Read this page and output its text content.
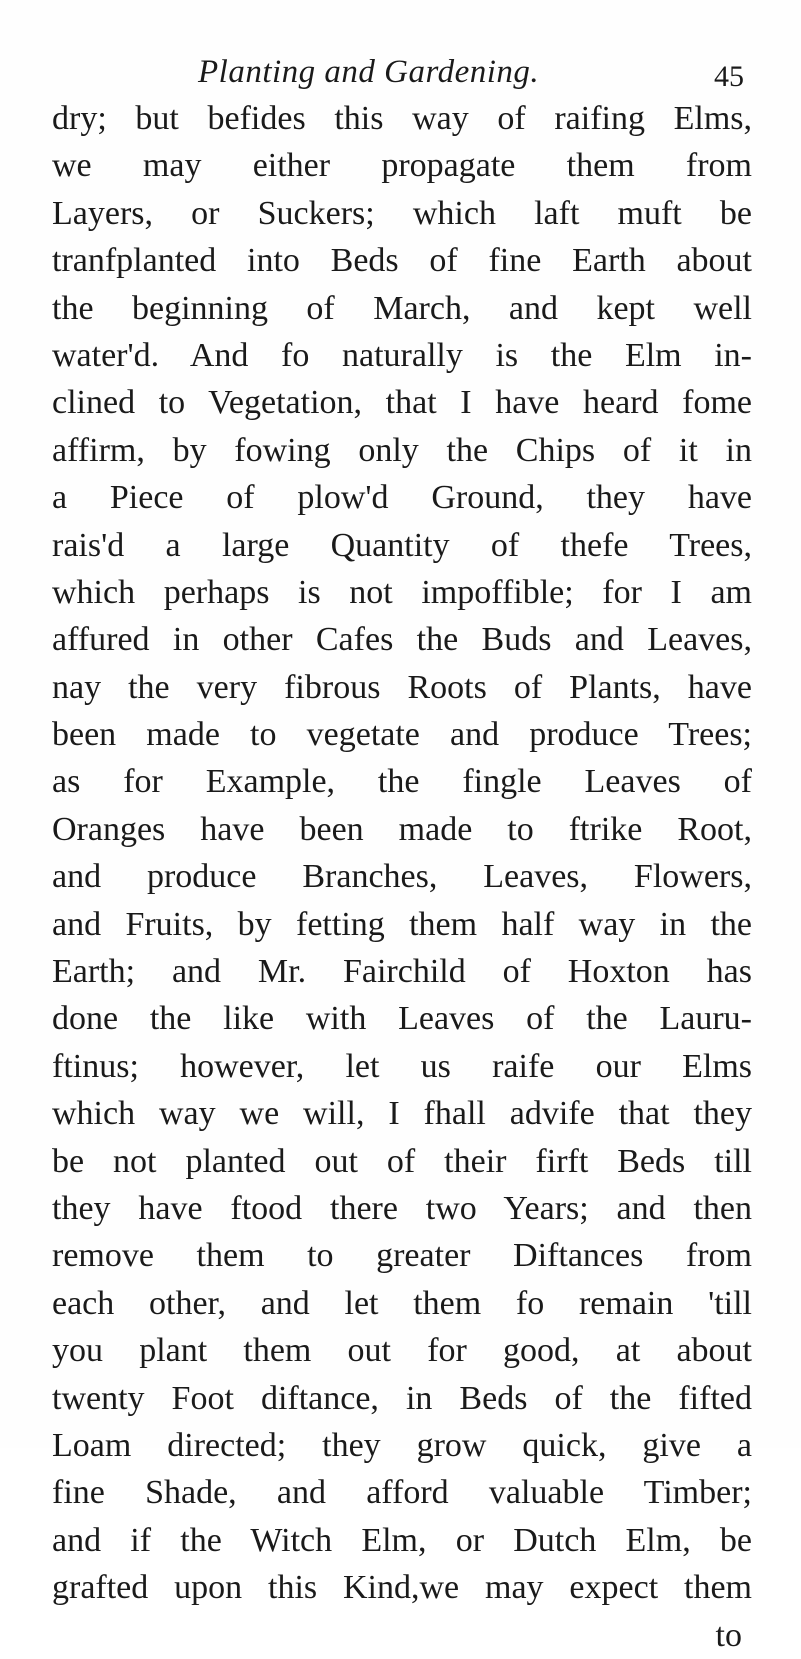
Planting and Gardening.	45
dry; but befides this way of raifing Elms,
we may either propagate them from
Layers, or Suckers; which laft muft be
tranfplanted into Beds of fine Earth about
the beginning of March, and kept well
water'd. And fo naturally is the Elm in-
clined to Vegetation, that I have heard fome
affirm, by fowing only the Chips of it in
a Piece of plow'd Ground, they have
rais'd a large Quantity of thefe Trees,
which perhaps is not impoffible; for I am
affured in other Cafes the Buds and Leaves,
nay the very fibrous Roots of Plants, have
been made to vegetate and produce Trees;
as for Example, the fingle Leaves of
Oranges have been made to ftrike Root,
and produce Branches, Leaves, Flowers,
and Fruits, by fetting them half way in the
Earth; and Mr. Fairchild of Hoxton has
done the like with Leaves of the Lauru-
ftinus; however, let us raife our Elms
which way we will, I fhall advife that they
be not planted out of their firft Beds till
they have ftood there two Years; and then
remove them to greater Diftances from
each other, and let them fo remain 'till
you plant them out for good, at about
twenty Foot diftance, in Beds of the fifted
Loam directed; they grow quick, give a
fine Shade, and afford valuable Timber;
and if the Witch Elm, or Dutch Elm, be
grafted upon this Kind,we may expect them
to
